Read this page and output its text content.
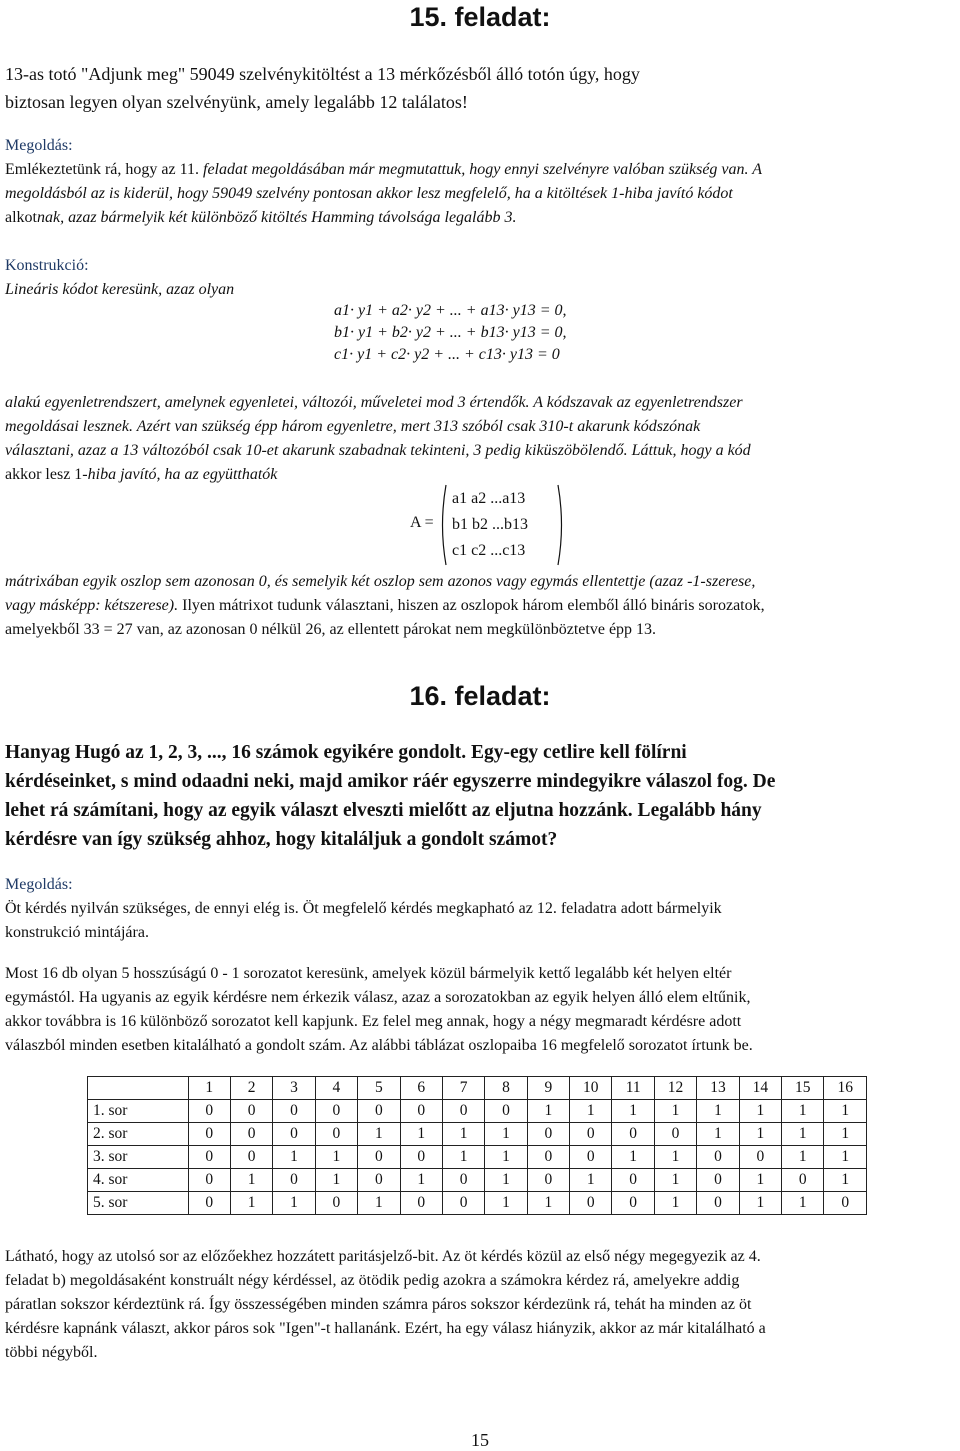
15. feladat:

13-as totó "Adjunk meg" 59049 szelvénykitöltést a 13 mérkőzésből álló totón úgy, hogy

biztosan legyen olyan szelvényünk, amely legalább 12 találatos!

Megoldás:

Emlékeztetünk rá, hogy az 11. feladat megoldásában már megmutattuk, hogy ennyi szelvényre valóban szükség van. A

megoldásból az is kiderül, hogy 59049 szelvény pontosan akkor lesz megfelelő, ha a kitöltések 1-hiba javító kódot

alkotnak, azaz bármelyik két különböző kitöltés Hamming távolsága legalább 3.

Konstrukció:

Lineáris kódot keresünk, azaz olyan

a1· y1 + a2· y2 + ... + a13· y13 = 0,
b1· y1 + b2· y2 + ... + b13· y13 = 0,
c1· y1 + c2· y2 + ... + c13· y13 = 0

alakú egyenletrendszert, amelynek egyenletei, változói, műveletei mod 3 értendők. A kódszavak az egyenletrendszer

megoldásai lesznek. Azért van szükség épp három egyenletre, mert 313 szóból csak 310-t akarunk kódszónak

választani, azaz a 13 változóból csak 10-et akarunk szabadnak tekinteni, 3 pedig kiküszöbölendő. Láttuk, hogy a kód

akkor lesz 1-hiba javító, ha az együtthatók

A =
a1 a2 ...a13
b1 b2 ...b13
c1 c2 ...c13

mátrixában egyik oszlop sem azonosan 0, és semelyik két oszlop sem azonos vagy egymás ellentettje (azaz -1-szerese,

vagy másképp: kétszerese). Ilyen mátrixot tudunk választani, hiszen az oszlopok három elemből álló bináris sorozatok,

amelyekből 33 = 27 van, az azonosan 0 nélkül 26, az ellentett párokat nem megkülönböztetve épp 13.

16. feladat:
Hanyag Hugó az 1, 2, 3, ..., 16 számok egyikére gondolt. Egy-egy cetlire kell fölírni
kérdéseinket, s mind odaadni neki, majd amikor ráér egyszerre mindegyikre válaszol fog. De
lehet rá számítani, hogy az egyik választ elveszti mielőtt az eljutna hozzánk. Legalább hány
kérdésre van így szükség ahhoz, hogy kitaláljuk a gondolt számot?

Megoldás:

Öt kérdés nyilván szükséges, de ennyi elég is. Öt megfelelő kérdés megkapható az 12. feladatra adott bármelyik

konstrukció mintájára.

Most 16 db olyan 5 hosszúságú 0 - 1 sorozatot keresünk, amelyek közül bármelyik kettő legalább két helyen eltér

egymástól. Ha ugyanis az egyik kérdésre nem érkezik válasz, azaz a sorozatokban az egyik helyen álló elem eltűnik,

akkor továbbra is 16 különböző sorozatot kell kapjunk. Ez felel meg annak, hogy a négy megmaradt kérdésre adott

válaszból minden esetben kitalálható a gondolt szám. Az alábbi táblázat oszlopaiba 16 megfelelő sorozatot írtunk be.

	1	2	3	4	5	6	7	8	9	10	11	12	13	14	15	16
1. sor	0	0	0	0	0	0	0	0	1	1	1	1	1	1	1	1
2. sor	0	0	0	0	1	1	1	1	0	0	0	0	1	1	1	1
3. sor	0	0	1	1	0	0	1	1	0	0	1	1	0	0	1	1
4. sor	0	1	0	1	0	1	0	1	0	1	0	1	0	1	0	1
5. sor	0	1	1	0	1	0	0	1	1	0	0	1	0	1	1	0

Látható, hogy az utolsó sor az előzőekhez hozzátett paritásjelző-bit. Az öt kérdés közül az első négy megegyezik az 4.

feladat b) megoldásaként konstruált négy kérdéssel, az ötödik pedig azokra a számokra kérdez rá, amelyekre addig

páratlan sokszor kérdeztünk rá. Így összességében minden számra páros sokszor kérdezünk rá, tehát ha minden az öt

kérdésre kapnánk választ, akkor páros sok "Igen"-t hallanánk. Ezért, ha egy válasz hiányzik, akkor az már kitalálható a

többi négyből.

15
